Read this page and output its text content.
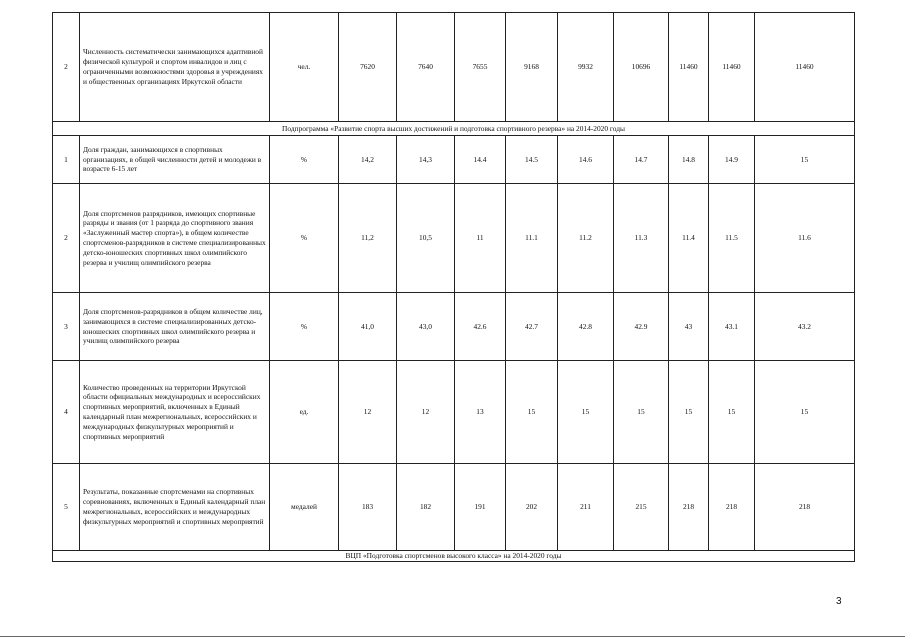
2	Численность систематически занимающихся адаптивной физической культурой и спортом инвалидов и лиц с ограниченными возможностями здоровья в учреждениях и общественных организациях Иркутской области	чел.	7620	7640	7655	9168	9932	10696	11460	11460	11460
Подпрограмма «Развитие спорта высших достижений и подготовка спортивного резерва» на 2014-2020 годы											
1	Доля граждан, занимающихся в спортивных организациях, в общей численности детей и молодежи в возрасте 6-15 лет	%	14,2	14,3	14.4	14.5	14.6	14.7	14.8	14.9	15
2	Доля спортсменов разрядников, имеющих спортивные разряды и звания (от 1 разряда до спортивного звания «Заслуженный мастер спорта»), в общем количестве спортсменов-разрядников в системе специализированных детско-юношеских спортивных школ олимпийского резерва и училищ олимпийского резерва	%	11,2	10,5	11	11.1	11.2	11.3	11.4	11.5	11.6
3	Доля спортсменов-разрядников в общем количестве лиц, занимающихся в системе специализированных детско-юношеских спортивных школ олимпийского резерва и училищ олимпийского резерва	%	41,0	43,0	42.6	42.7	42.8	42.9	43	43.1	43.2
4	Количество проведенных на территории Иркутской области официальных международных и всероссийских спортивных мероприятий, включенных в Единый календарный план межрегиональных, всероссийских и международных физкультурных мероприятий и спортивных мероприятий	ед.	12	12	13	15	15	15	15	15	15
5	Результаты, показанные спортсменами на спортивных соревнованиях, включенных в Единый календарный план межрегиональных, всероссийских и международных физкультурных мероприятий и спортивных мероприятий	медалей	183	182	191	202	211	215	218	218	218
ВЦП «Подготовка спортсменов высокого класса» на 2014-2020 годы											
3
